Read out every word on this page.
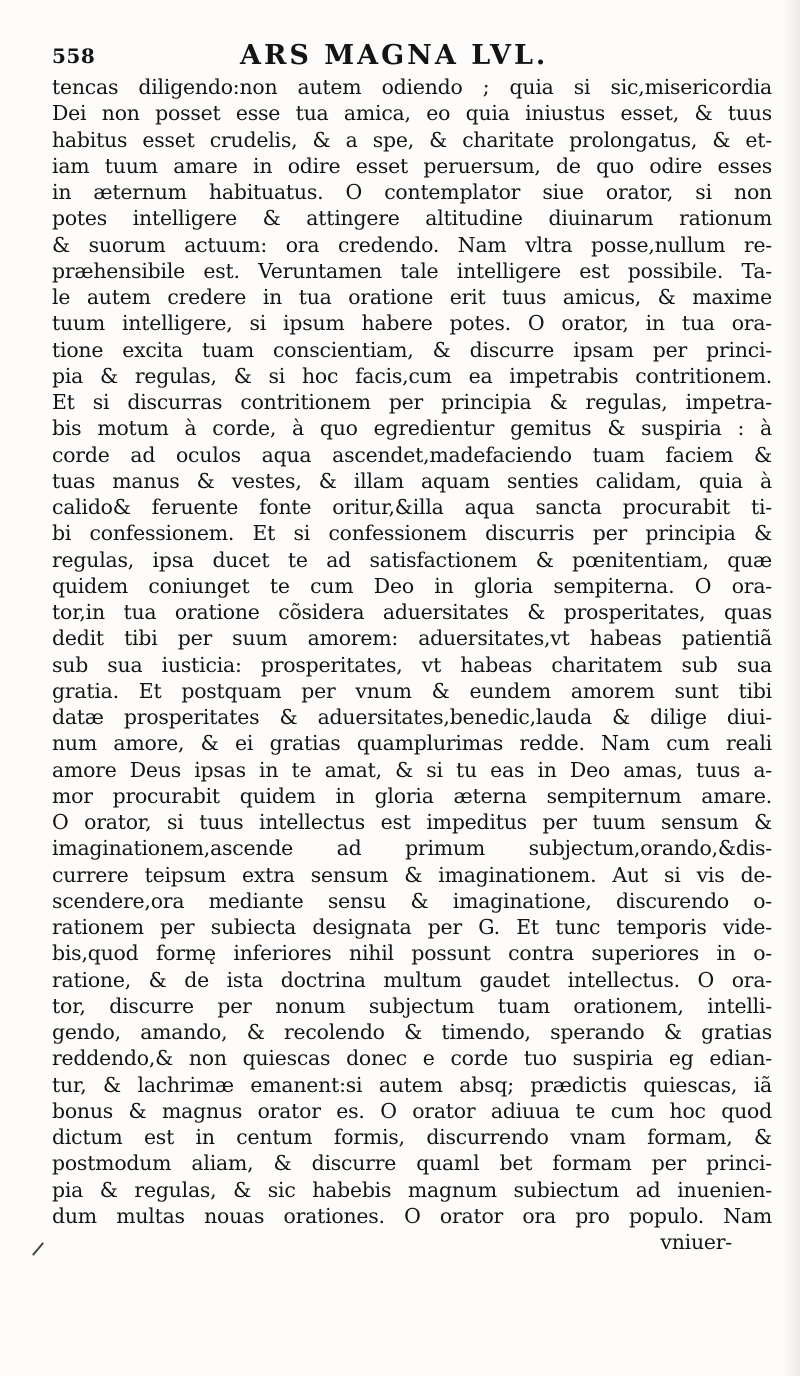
558	ARS MAGNA LVL.
tencas diligendo:non autem odiendo ; quia si sic,misericordia
Dei non posset esse tua amica, eo quia iniustus esset, & tuus
habitus esset crudelis, & a spe, & charitate prolongatus, & et-
iam tuum amare in odire esset peruersum, de quo odire esses
in æternum habituatus. O contemplator siue orator, si non
potes intelligere & attingere altitudine diuinarum rationum
& suorum actuum: ora credendo. Nam vltra posse,nullum re-
præhensibile est. Veruntamen tale intelligere est possibile. Ta-
le autem credere in tua oratione erit tuus amicus, & maxime
tuum intelligere, si ipsum habere potes. O orator, in tua ora-
tione excita tuam conscientiam, & discurre ipsam per princi-
pia & regulas, & si hoc facis,cum ea impetrabis contritionem.
Et si discurras contritionem per principia & regulas, impetra-
bis motum à corde, à quo egredientur gemitus & suspiria : à
corde ad oculos aqua ascendet,madefaciendo tuam faciem &
tuas manus & vestes, & illam aquam senties calidam, quia à
calido& feruente fonte oritur,&illa aqua sancta procurabit ti-
bi confessionem. Et si confessionem discurris per principia &
regulas, ipsa ducet te ad satisfactionem & pœnitentiam, quæ
quidem coniunget te cum Deo in gloria sempiterna. O ora-
tor,in tua oratione cõsidera aduersitates & prosperitates, quas
dedit tibi per suum amorem: aduersitates,vt habeas patientiã
sub sua iusticia: prosperitates, vt habeas charitatem sub sua
gratia. Et postquam per vnum & eundem amorem sunt tibi
datæ prosperitates & aduersitates,benedic,lauda & dilige diui-
num amore, & ei gratias quamplurimas redde. Nam cum reali
amore Deus ipsas in te amat, & si tu eas in Deo amas, tuus a-
mor procurabit quidem in gloria æterna sempiternum amare.
O orator, si tuus intellectus est impeditus per tuum sensum &
imaginationem,ascende ad primum subjectum,orando,&dis-
currere teipsum extra sensum & imaginationem. Aut si vis de-
scendere,ora mediante sensu & imaginatione, discurendo o-
rationem per subiecta designata per G. Et tunc temporis vide-
bis,quod formę inferiores nihil possunt contra superiores in o-
ratione, & de ista doctrina multum gaudet intellectus. O ora-
tor, discurre per nonum subjectum tuam orationem, intelli-
gendo, amando, & recolendo & timendo, sperando & gratias
reddendo,& non quiescas donec e corde tuo suspiria eg edian-
tur, & lachrimæ emanent:si autem absq; prædictis quiescas, iã
bonus & magnus orator es. O orator adiuua te cum hoc quod
dictum est in centum formis, discurrendo vnam formam, &
postmodum aliam, & discurre quaml bet formam per princi-
pia & regulas, & sic habebis magnum subiectum ad inuenien-
dum multas nouas orationes. O orator ora pro populo. Nam
vniuer-
